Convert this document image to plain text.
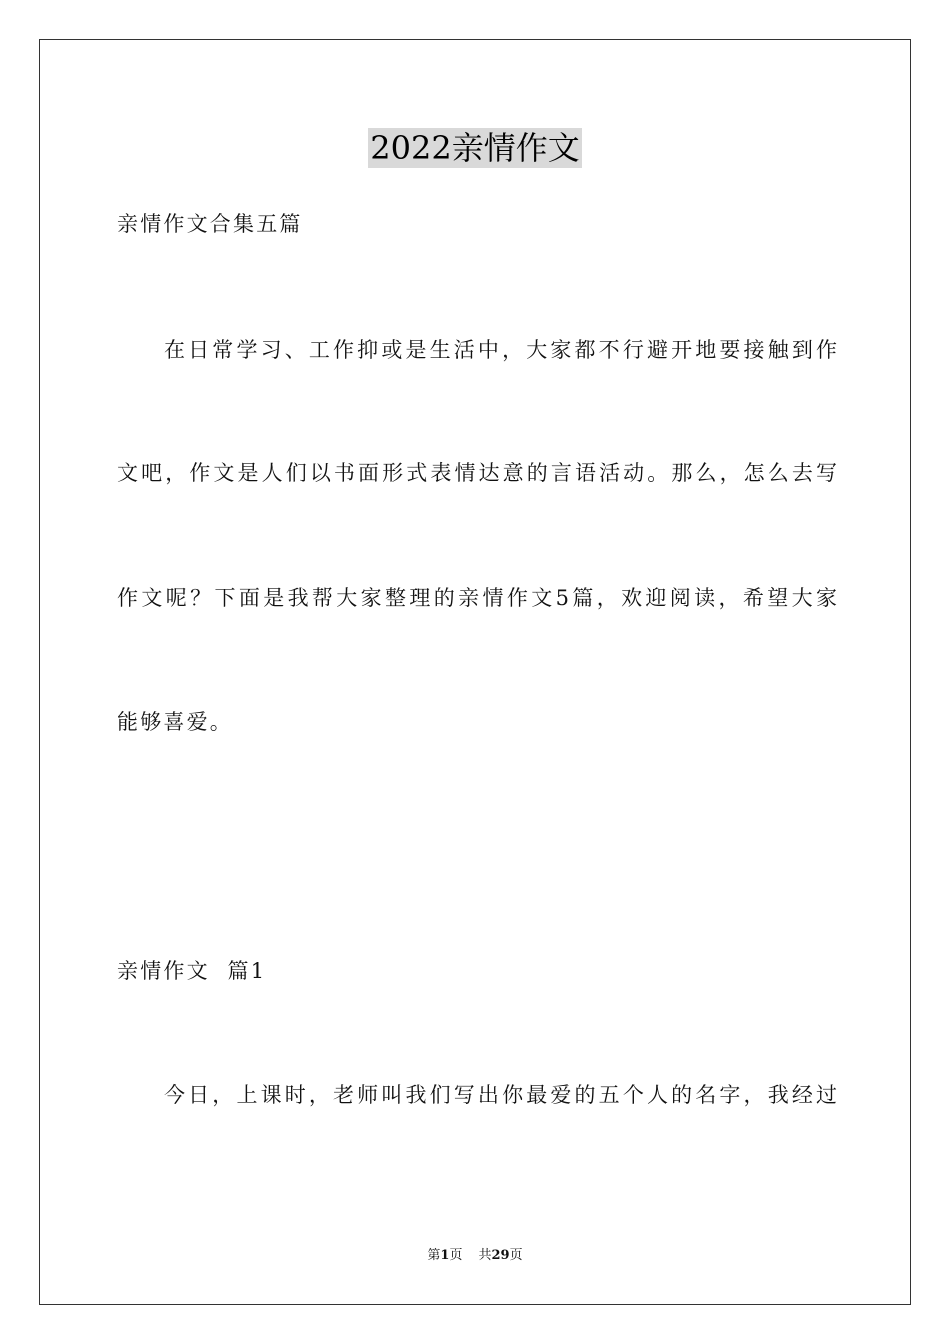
2022亲情作文
亲情作文合集五篇
在日常学习、工作抑或是生活中，大家都不行避开地要接触到作
文吧，作文是人们以书面形式表情达意的言语活动。那么，怎么去写
作文呢？下面是我帮大家整理的亲情作文5篇，欢迎阅读，希望大家
能够喜爱。
亲情作文  篇1
今日，上课时，老师叫我们写出你最爱的五个人的名字，我经过
第1页 共29页
